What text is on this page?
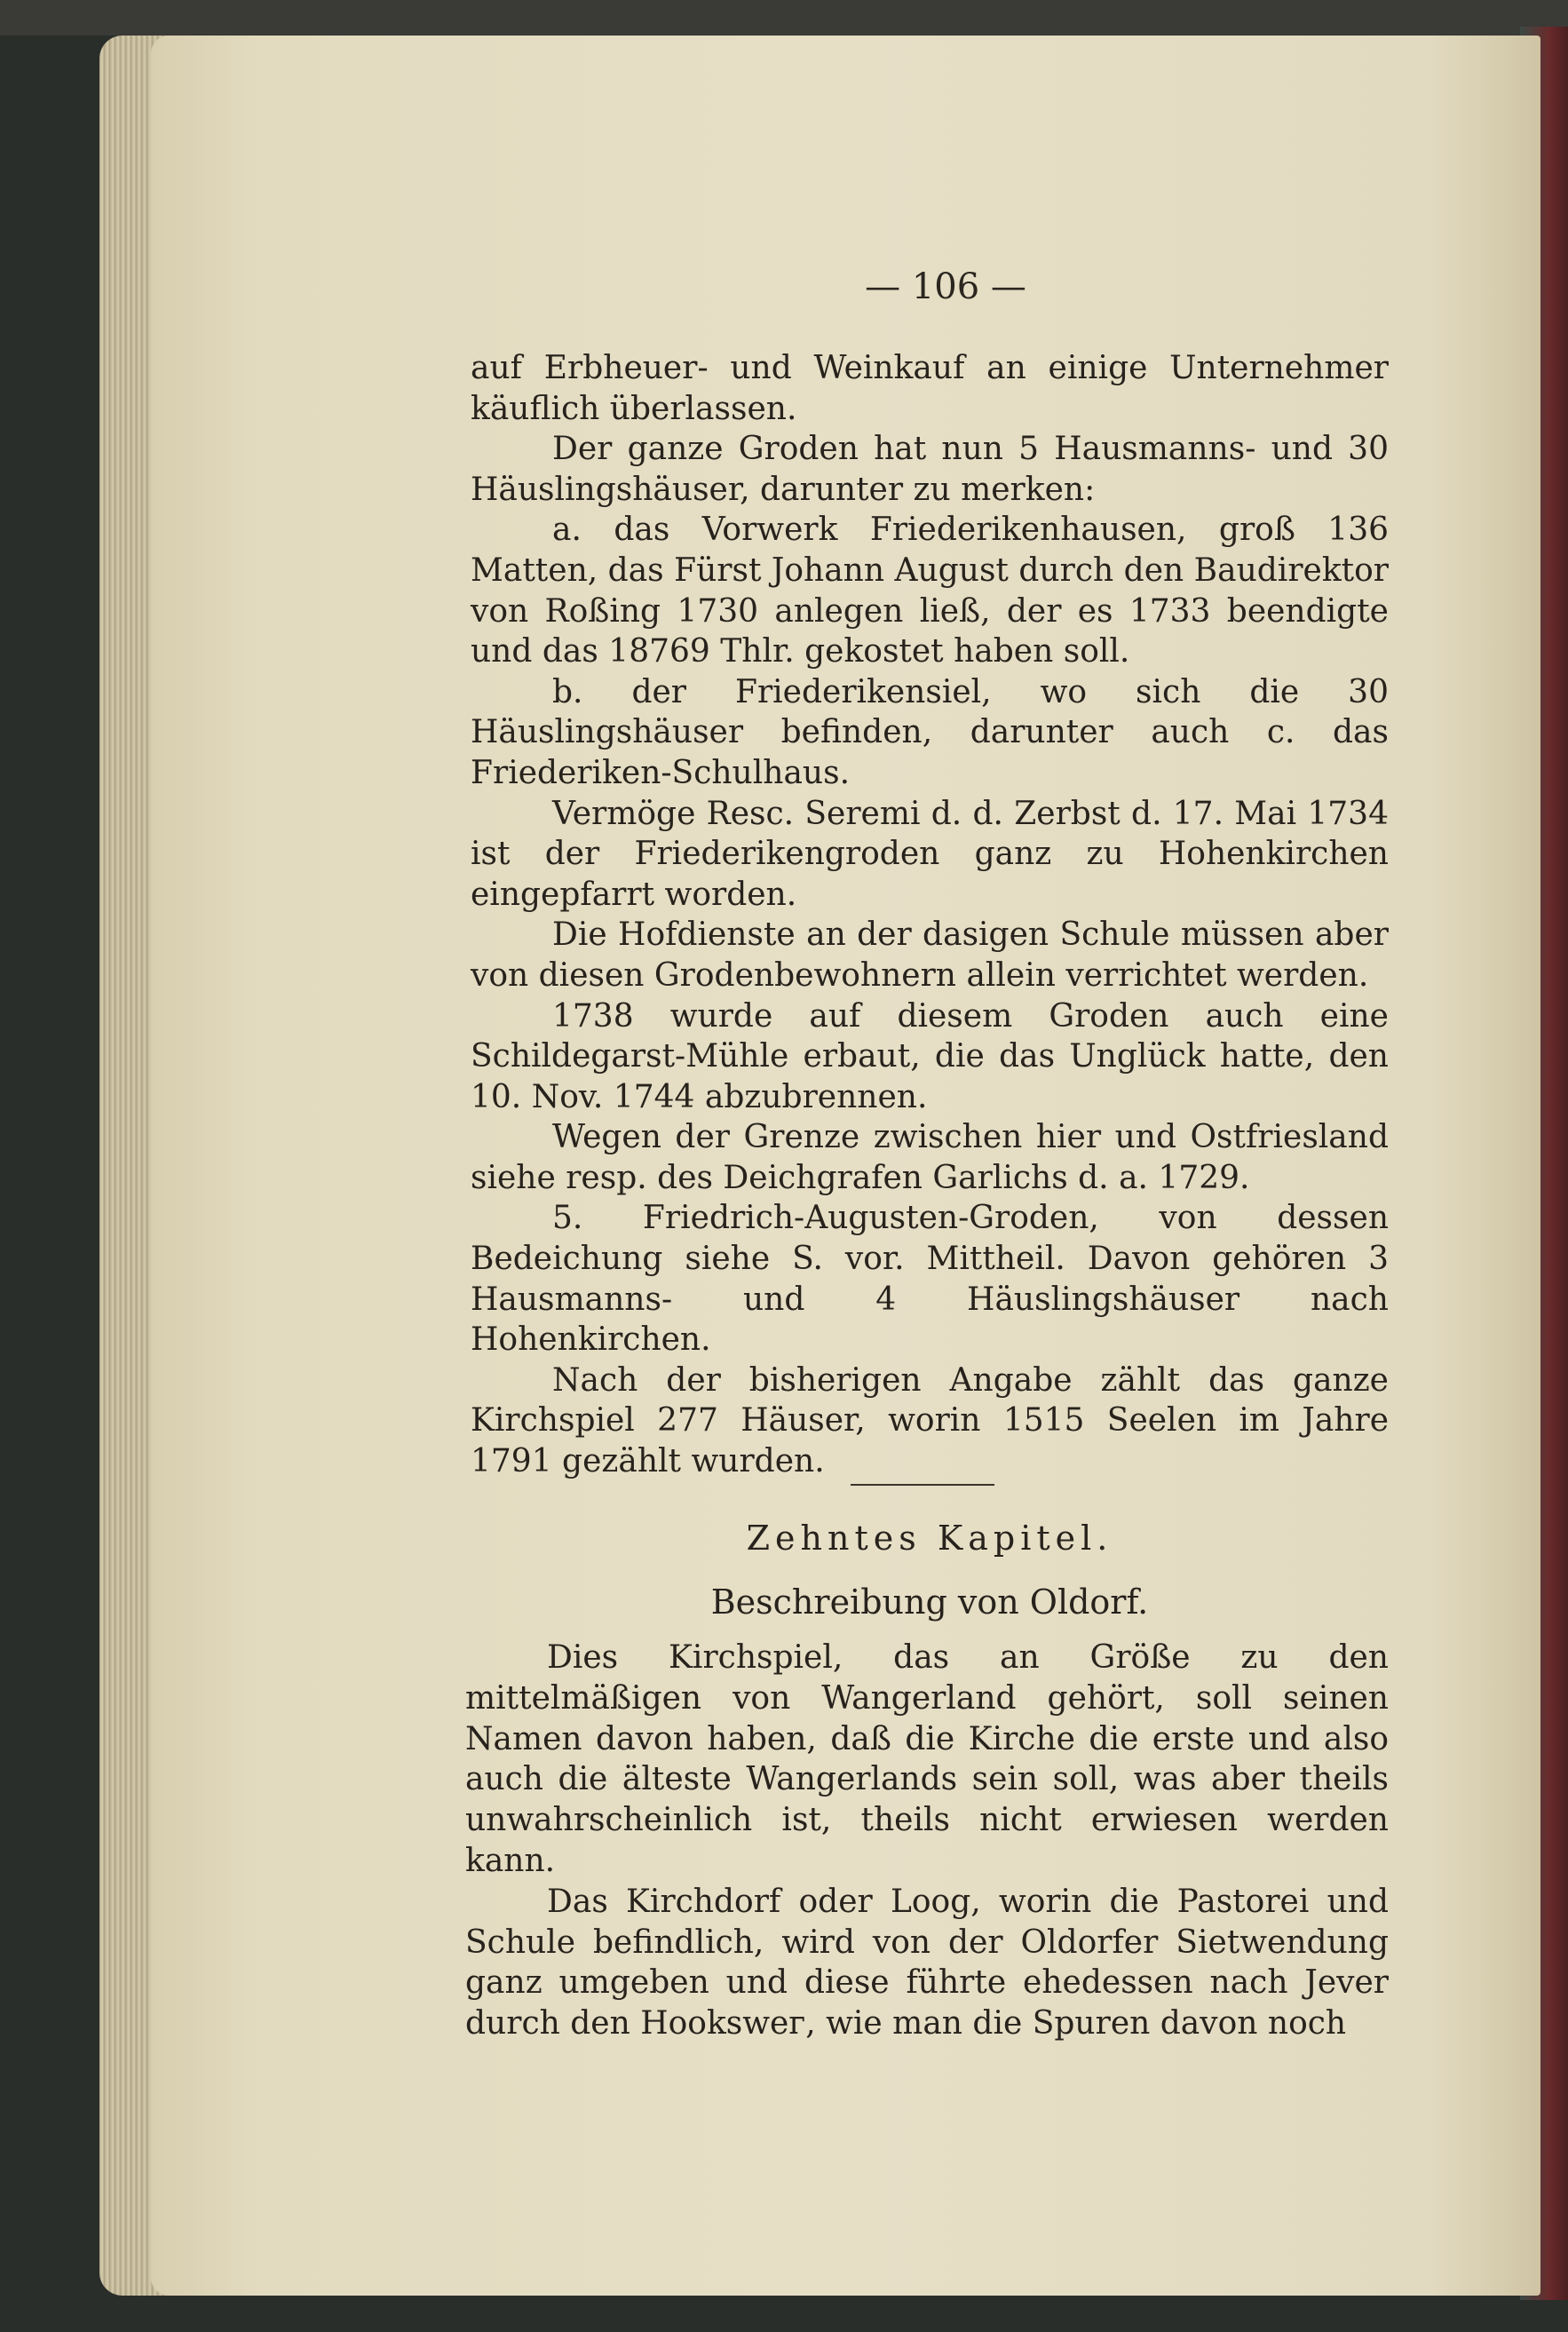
— 106 —

auf Erbheuer- und Weinkauf an einige Unternehmer käuflich überlassen.

Der ganze Groden hat nun 5 Hausmanns- und 30 Häuslingshäuser, darunter zu merken:

a. das Vorwerk Friederikenhausen, groß 136 Matten, das Fürst Johann August durch den Baudirektor von Roßing 1730 anlegen ließ, der es 1733 beendigte und das 18769 Thlr. gekostet haben soll.

b. der Friederikensiel, wo sich die 30 Häuslingshäuser befinden, darunter auch c. das Friederiken-Schulhaus.

Vermöge Resc. Seremi d. d. Zerbst d. 17. Mai 1734 ist der Friederikengroden ganz zu Hohenkirchen eingepfarrt worden.

Die Hofdienste an der dasigen Schule müssen aber von diesen Grodenbewohnern allein verrichtet werden.

1738 wurde auf diesem Groden auch eine Schildegarst-Mühle erbaut, die das Unglück hatte, den 10. Nov. 1744 abzubrennen.

Wegen der Grenze zwischen hier und Ostfriesland siehe resp. des Deichgrafen Garlichs d. a. 1729.

5. Friedrich-Augusten-Groden, von dessen Bedeichung siehe S. vor. Mittheil. Davon gehören 3 Hausmanns- und 4 Häuslingshäuser nach Hohenkirchen.

Nach der bisherigen Angabe zählt das ganze Kirchspiel 277 Häuser, worin 1515 Seelen im Jahre 1791 gezählt wurden.

Zehntes Kapitel.
Beschreibung von Oldorf.

Dies Kirchspiel, das an Größe zu den mittelmäßigen von Wangerland gehört, soll seinen Namen davon haben, daß die Kirche die erste und also auch die älteste Wangerlands sein soll, was aber theils unwahrscheinlich ist, theils nicht erwiesen werden kann.

Das Kirchdorf oder Loog, worin die Pastorei und Schule befindlich, wird von der Oldorfer Sietwendung ganz umgeben und diese führte ehedessen nach Jever durch den Hookswег, wie man die Spuren davon noch
